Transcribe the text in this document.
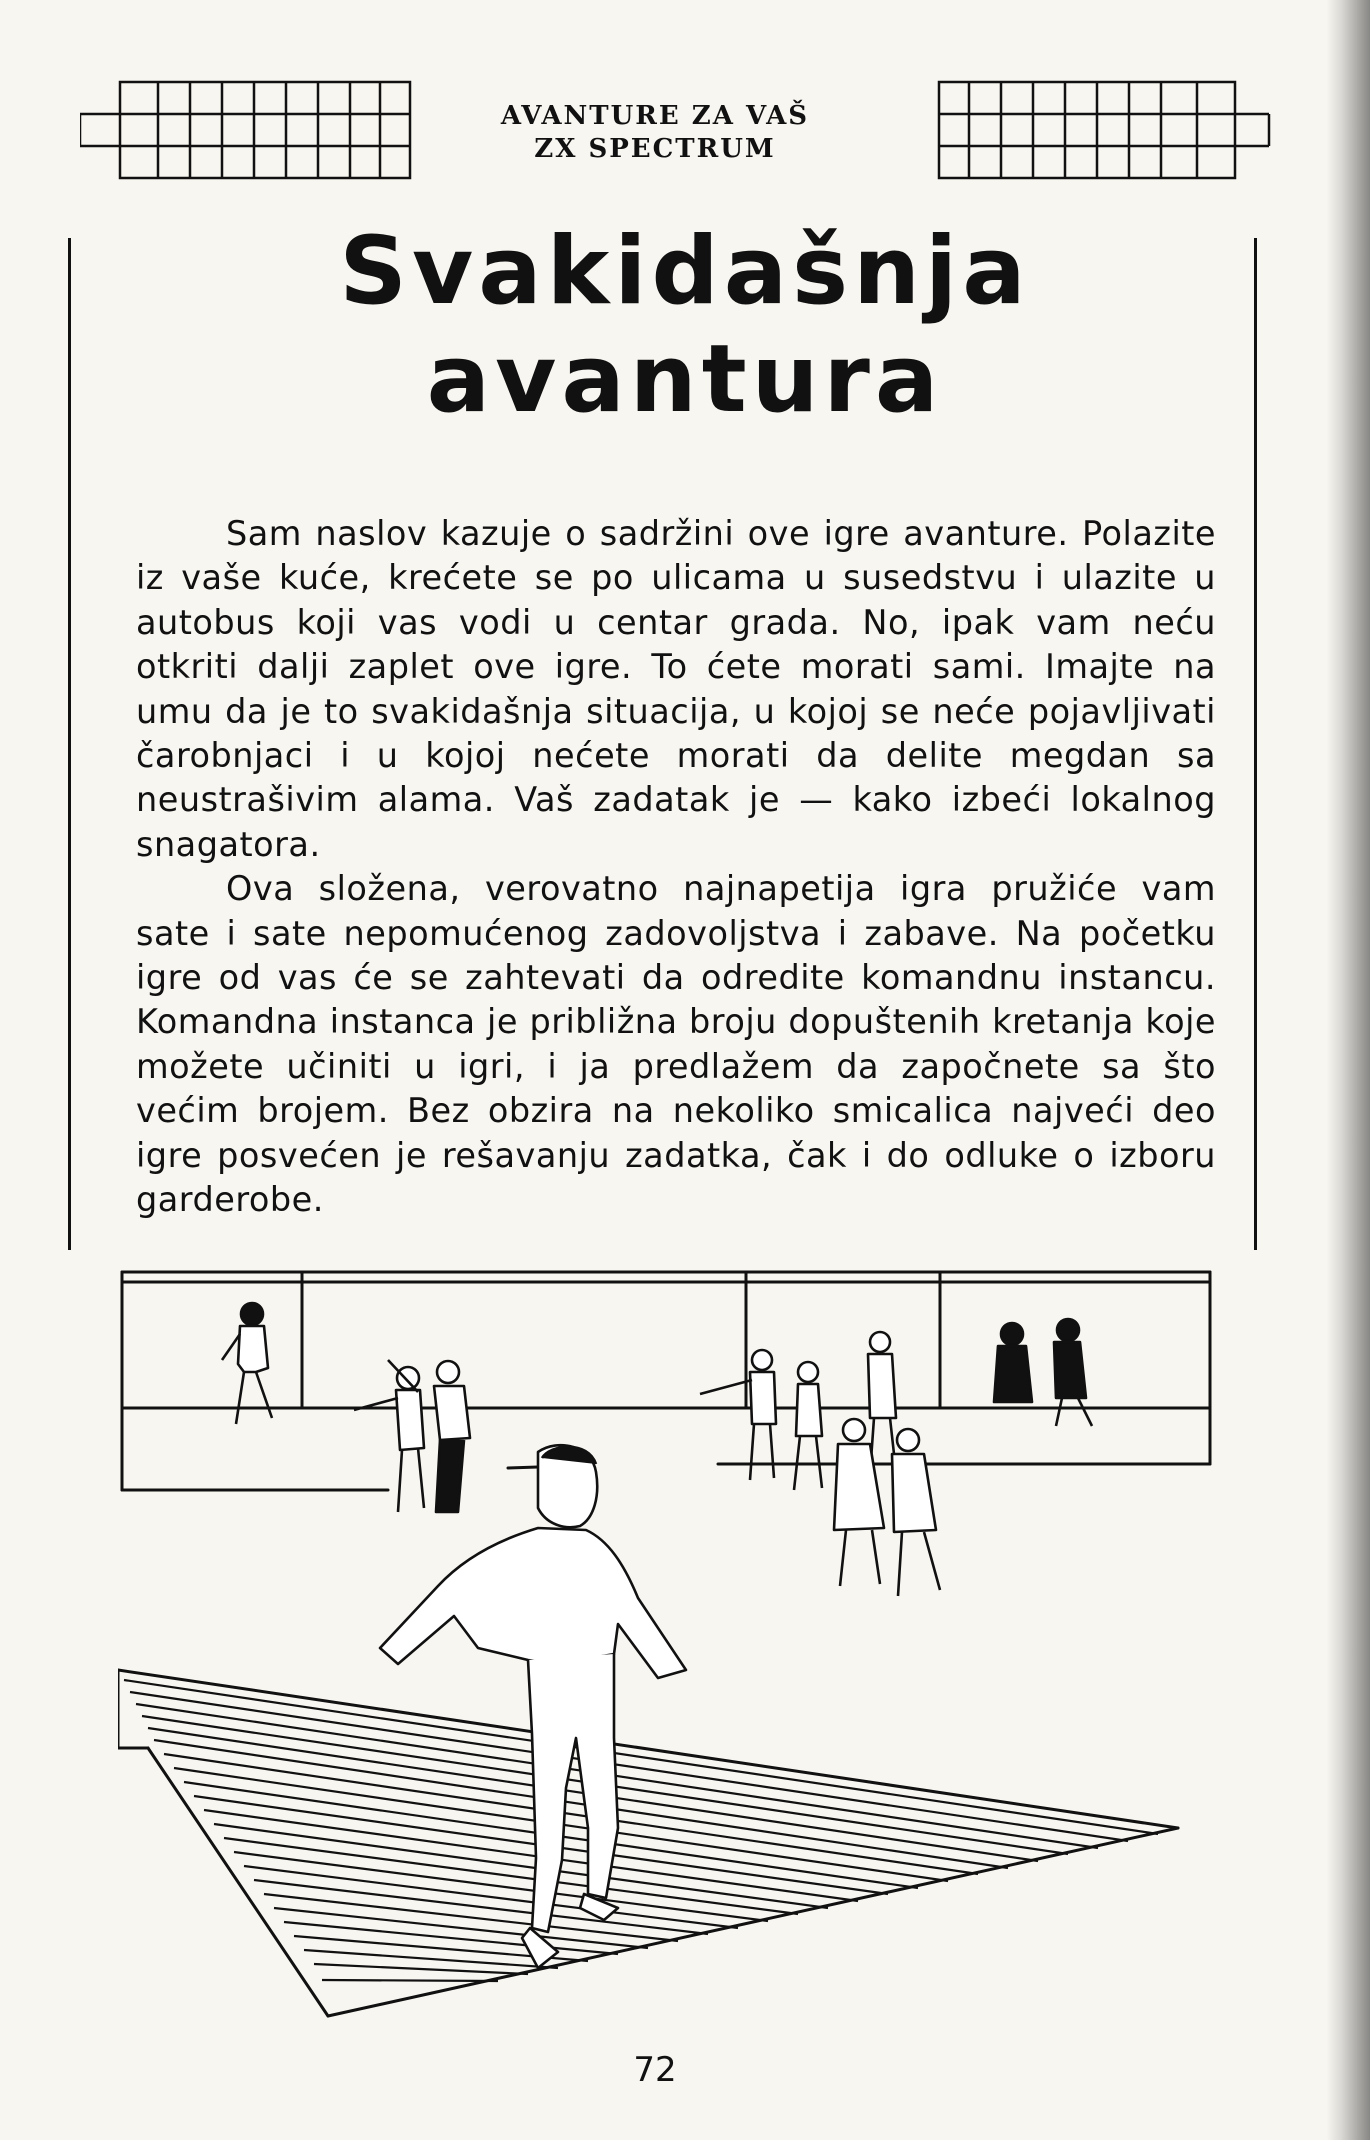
AVANTURE ZA VAŠ
ZX SPECTRUM
Svakidašnja
avantura

Sam naslov kazuje o sadržini ove igre avanture. Polazite iz vaše kuće, krećete se po ulicama u susedstvu i ulazite u autobus koji vas vodi u centar grada. No, ipak vam neću otkriti dalji zaplet ove igre. To ćete morati sami. Imajte na umu da je to svakidašnja situacija, u kojoj se neće pojavljivati čarobnjaci i u kojoj nećete morati da delite megdan sa neustrašivim alama. Vaš zadatak je — kako izbeći lokalnog snagatora.

Ova složena, verovatno najnapetija igra pružiće vam sate i sate nepomućenog zadovoljstva i zabave. Na početku igre od vas će se zahtevati da odredite komandnu instancu. Komandna instanca je približna broju dopuštenih kretanja koje možete učiniti u igri, i ja predlažem da započnete sa što većim brojem. Bez obzira na nekoliko smicalica najveći deo igre posvećen je rešavanju zadatka, čak i do odluke o izboru garderobe.

72
